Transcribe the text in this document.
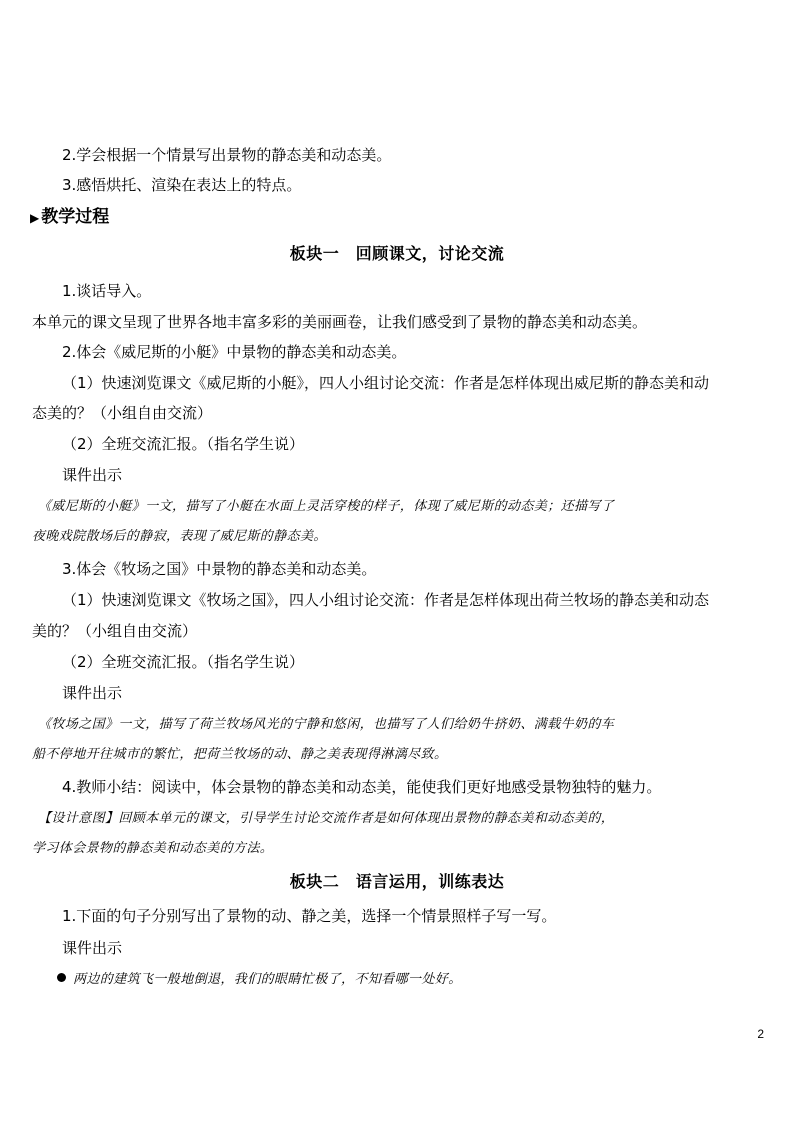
2.学会根据一个情景写出景物的静态美和动态美。
3.感悟烘托、渲染在表达上的特点。
▶ 教学过程
板块一　回顾课文，讨论交流
1.谈话导入。
本单元的课文呈现了世界各地丰富多彩的美丽画卷，让我们感受到了景物的静态美和动态美。
2.体会《威尼斯的小艇》中景物的静态美和动态美。
（1）快速浏览课文《威尼斯的小艇》，四人小组讨论交流：作者是怎样体现出威尼斯的静态美和动
态美的？（小组自由交流）
（2）全班交流汇报。（指名学生说）
课件出示
《威尼斯的小艇》一文，描写了小艇在水面上灵活穿梭的样子，体现了威尼斯的动态美；还描写了
夜晚戏院散场后的静寂，表现了威尼斯的静态美。
3.体会《牧场之国》中景物的静态美和动态美。
（1）快速浏览课文《牧场之国》，四人小组讨论交流：作者是怎样体现出荷兰牧场的静态美和动态
美的？（小组自由交流）
（2）全班交流汇报。（指名学生说）
课件出示
《牧场之国》一文，描写了荷兰牧场风光的宁静和悠闲，也描写了人们给奶牛挤奶、满载牛奶的车
船不停地开往城市的繁忙，把荷兰牧场的动、静之美表现得淋漓尽致。
4.教师小结：阅读中，体会景物的静态美和动态美，能使我们更好地感受景物独特的魅力。
【设计意图】回顾本单元的课文，引导学生讨论交流作者是如何体现出景物的静态美和动态美的，
学习体会景物的静态美和动态美的方法。
板块二　语言运用，训练表达
1.下面的句子分别写出了景物的动、静之美，选择一个情景照样子写一写。
课件出示
两边的建筑飞一般地倒退，我们的眼睛忙极了，不知看哪一处好。
2
